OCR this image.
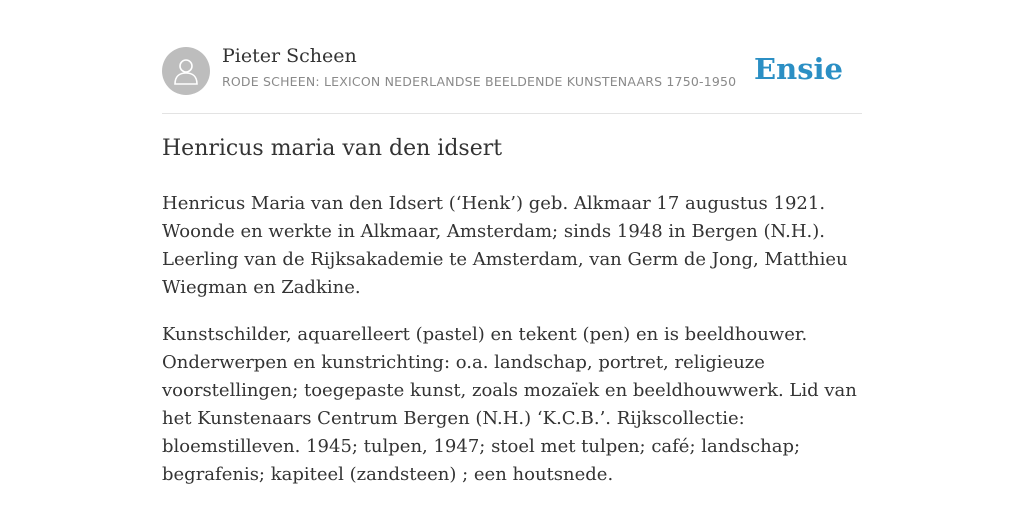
Pieter Scheen
RODE SCHEEN: LEXICON NEDERLANDSE BEELDENDE KUNSTENAARS 1750-1950 Ensie
Henricus maria van den idsert

Henricus Maria van den Idsert (‘Henk’) geb. Alkmaar 17 augustus 1921. Woonde en werkte in Alkmaar, Amsterdam; sinds 1948 in Bergen (N.H.). Leerling van de Rijksakademie te Amsterdam, van Germ de Jong, Matthieu Wiegman en Zadkine.

Kunstschilder, aquarelleert (pastel) en tekent (pen) en is beeldhouwer. Onderwerpen en kunstrichting: o.a. landschap, portret, religieuze voorstellingen; toegepaste kunst, zoals mozaïek en beeldhouwwerk. Lid van het Kunstenaars Centrum Bergen (N.H.) ‘K.C.B.’. Rijkscollectie: bloemstilleven. 1945; tulpen, 1947; stoel met tulpen; café; landschap; begrafenis; kapiteel (zandsteen) ; een houtsnede.
